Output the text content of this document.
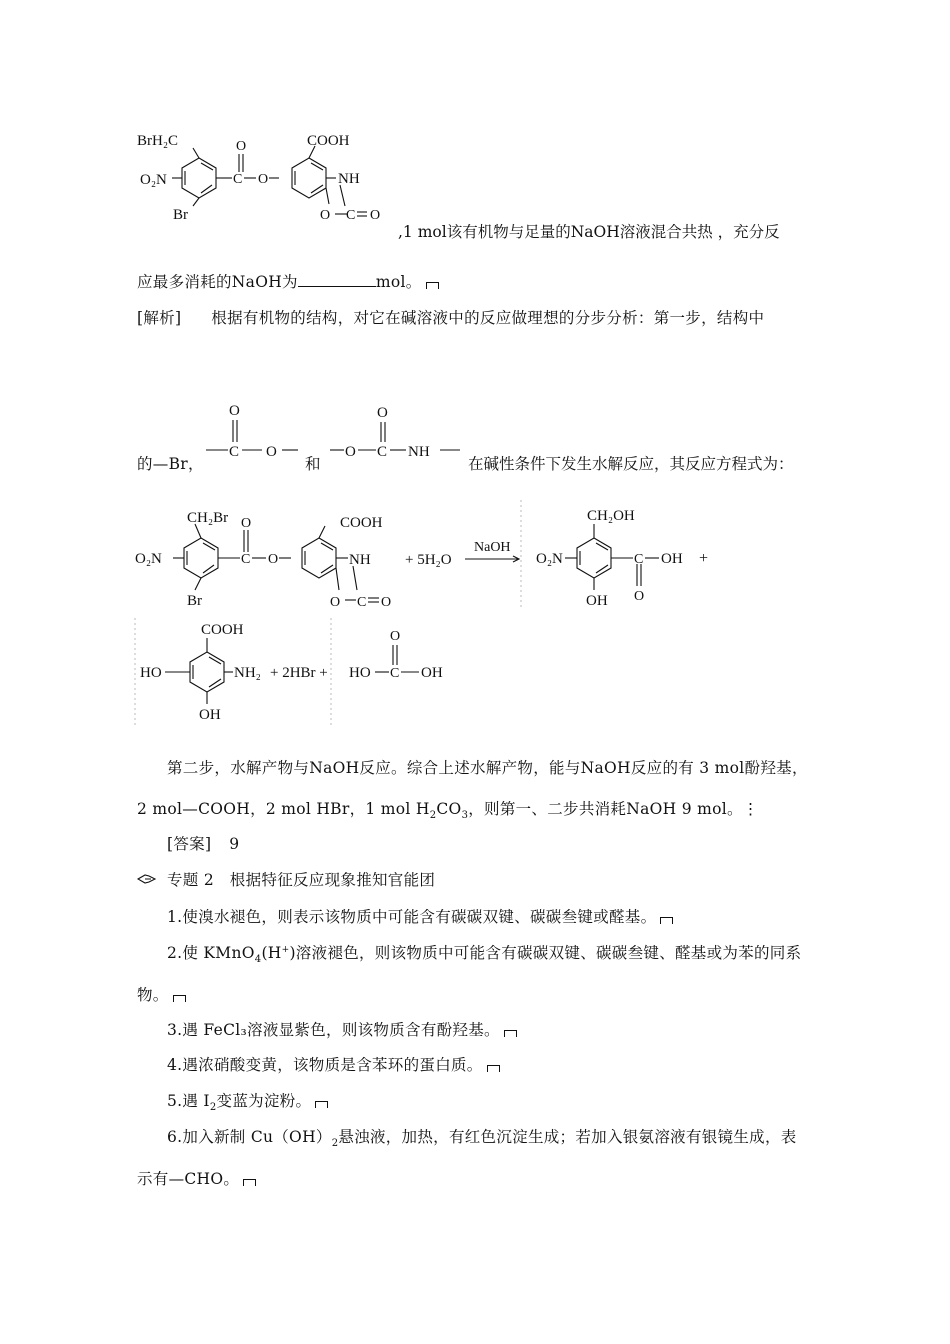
BrH₂C
O₂N
Br
O
C O
COOH
NH
O C O
,1 mol该有机物与足量的NaOH溶液混合共热 ，充分反
应最多消耗的NaOH为	mol。
[解析] 根据有机物的结构，对它在碱溶液中的反应做理想的分步分析：第一步，结构中
的—Br，
O
C O
和
O
O
C NH
在碱性条件下发生水解反应，其反应方程式为：
CH₂Br
O₂N
Br
O
C O
COOH
NH
O C O
+ 5H₂O
NaOH
CH₂OH
O₂N
OH
C OH
O
+
COOH
HO	NH₂
OH
+ 2HBr + HO C OH
O
第二步，水解产物与NaOH反应。综合上述水解产物，能与NaOH反应的有 3 mol酚羟基，
2 mol—COOH，2 mol HBr，1 mol $H_2CO_3$，则第一、二步共消耗NaOH 9 mol。⋮
[答案] 9
专题 2　根据特征反应现象推知官能团
1.使溴水褪色，则表示该物质中可能含有碳碳双键、碳碳叁键或醛基。
2.使 KMnO$_4$(H+)溶液褪色，则该物质中可能含有碳碳双键、碳碳叁键、醛基或为苯的同系
物。
3.遇 FeCl₃溶液显紫色，则该物质含有酚羟基。
4.遇浓硝酸变黄，该物质是含苯环的蛋白质。
5.遇 $I_2$变蓝为淀粉。
6.加入新制 $Cu(OH)_2$悬浊液，加热，有红色沉淀生成；若加入银氨溶液有银镜生成，表
示有—CHO。
